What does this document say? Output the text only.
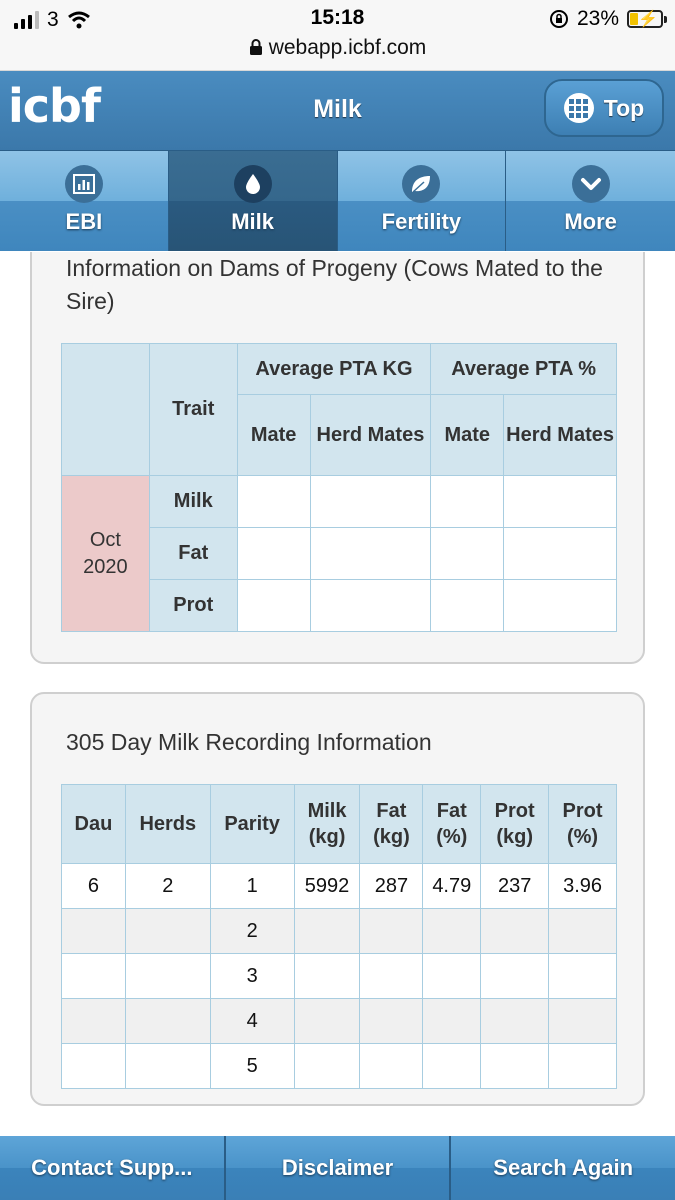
3	15:18
webapp.icbf.com
23% ⚡
icbf	Milk	Top
EBI	Milk	Fertility	More
Information on Dams of Progeny (Cows Mated to the Sire)
	Trait	Average PTA KG		Average PTA %	
		Mate	Herd Mates	Mate	Herd Mates
Oct 2020	Milk				
	Fat				
	Prot				
305 Day Milk Recording Information
Dau	Herds	Parity	Milk (kg)	Fat (kg)	Fat (%)	Prot (kg)	Prot (%)
6	2	1	5992	287	4.79	237	3.96
		2					
		3					
		4					
		5					
Contact Supp...	Disclaimer	Search Again
